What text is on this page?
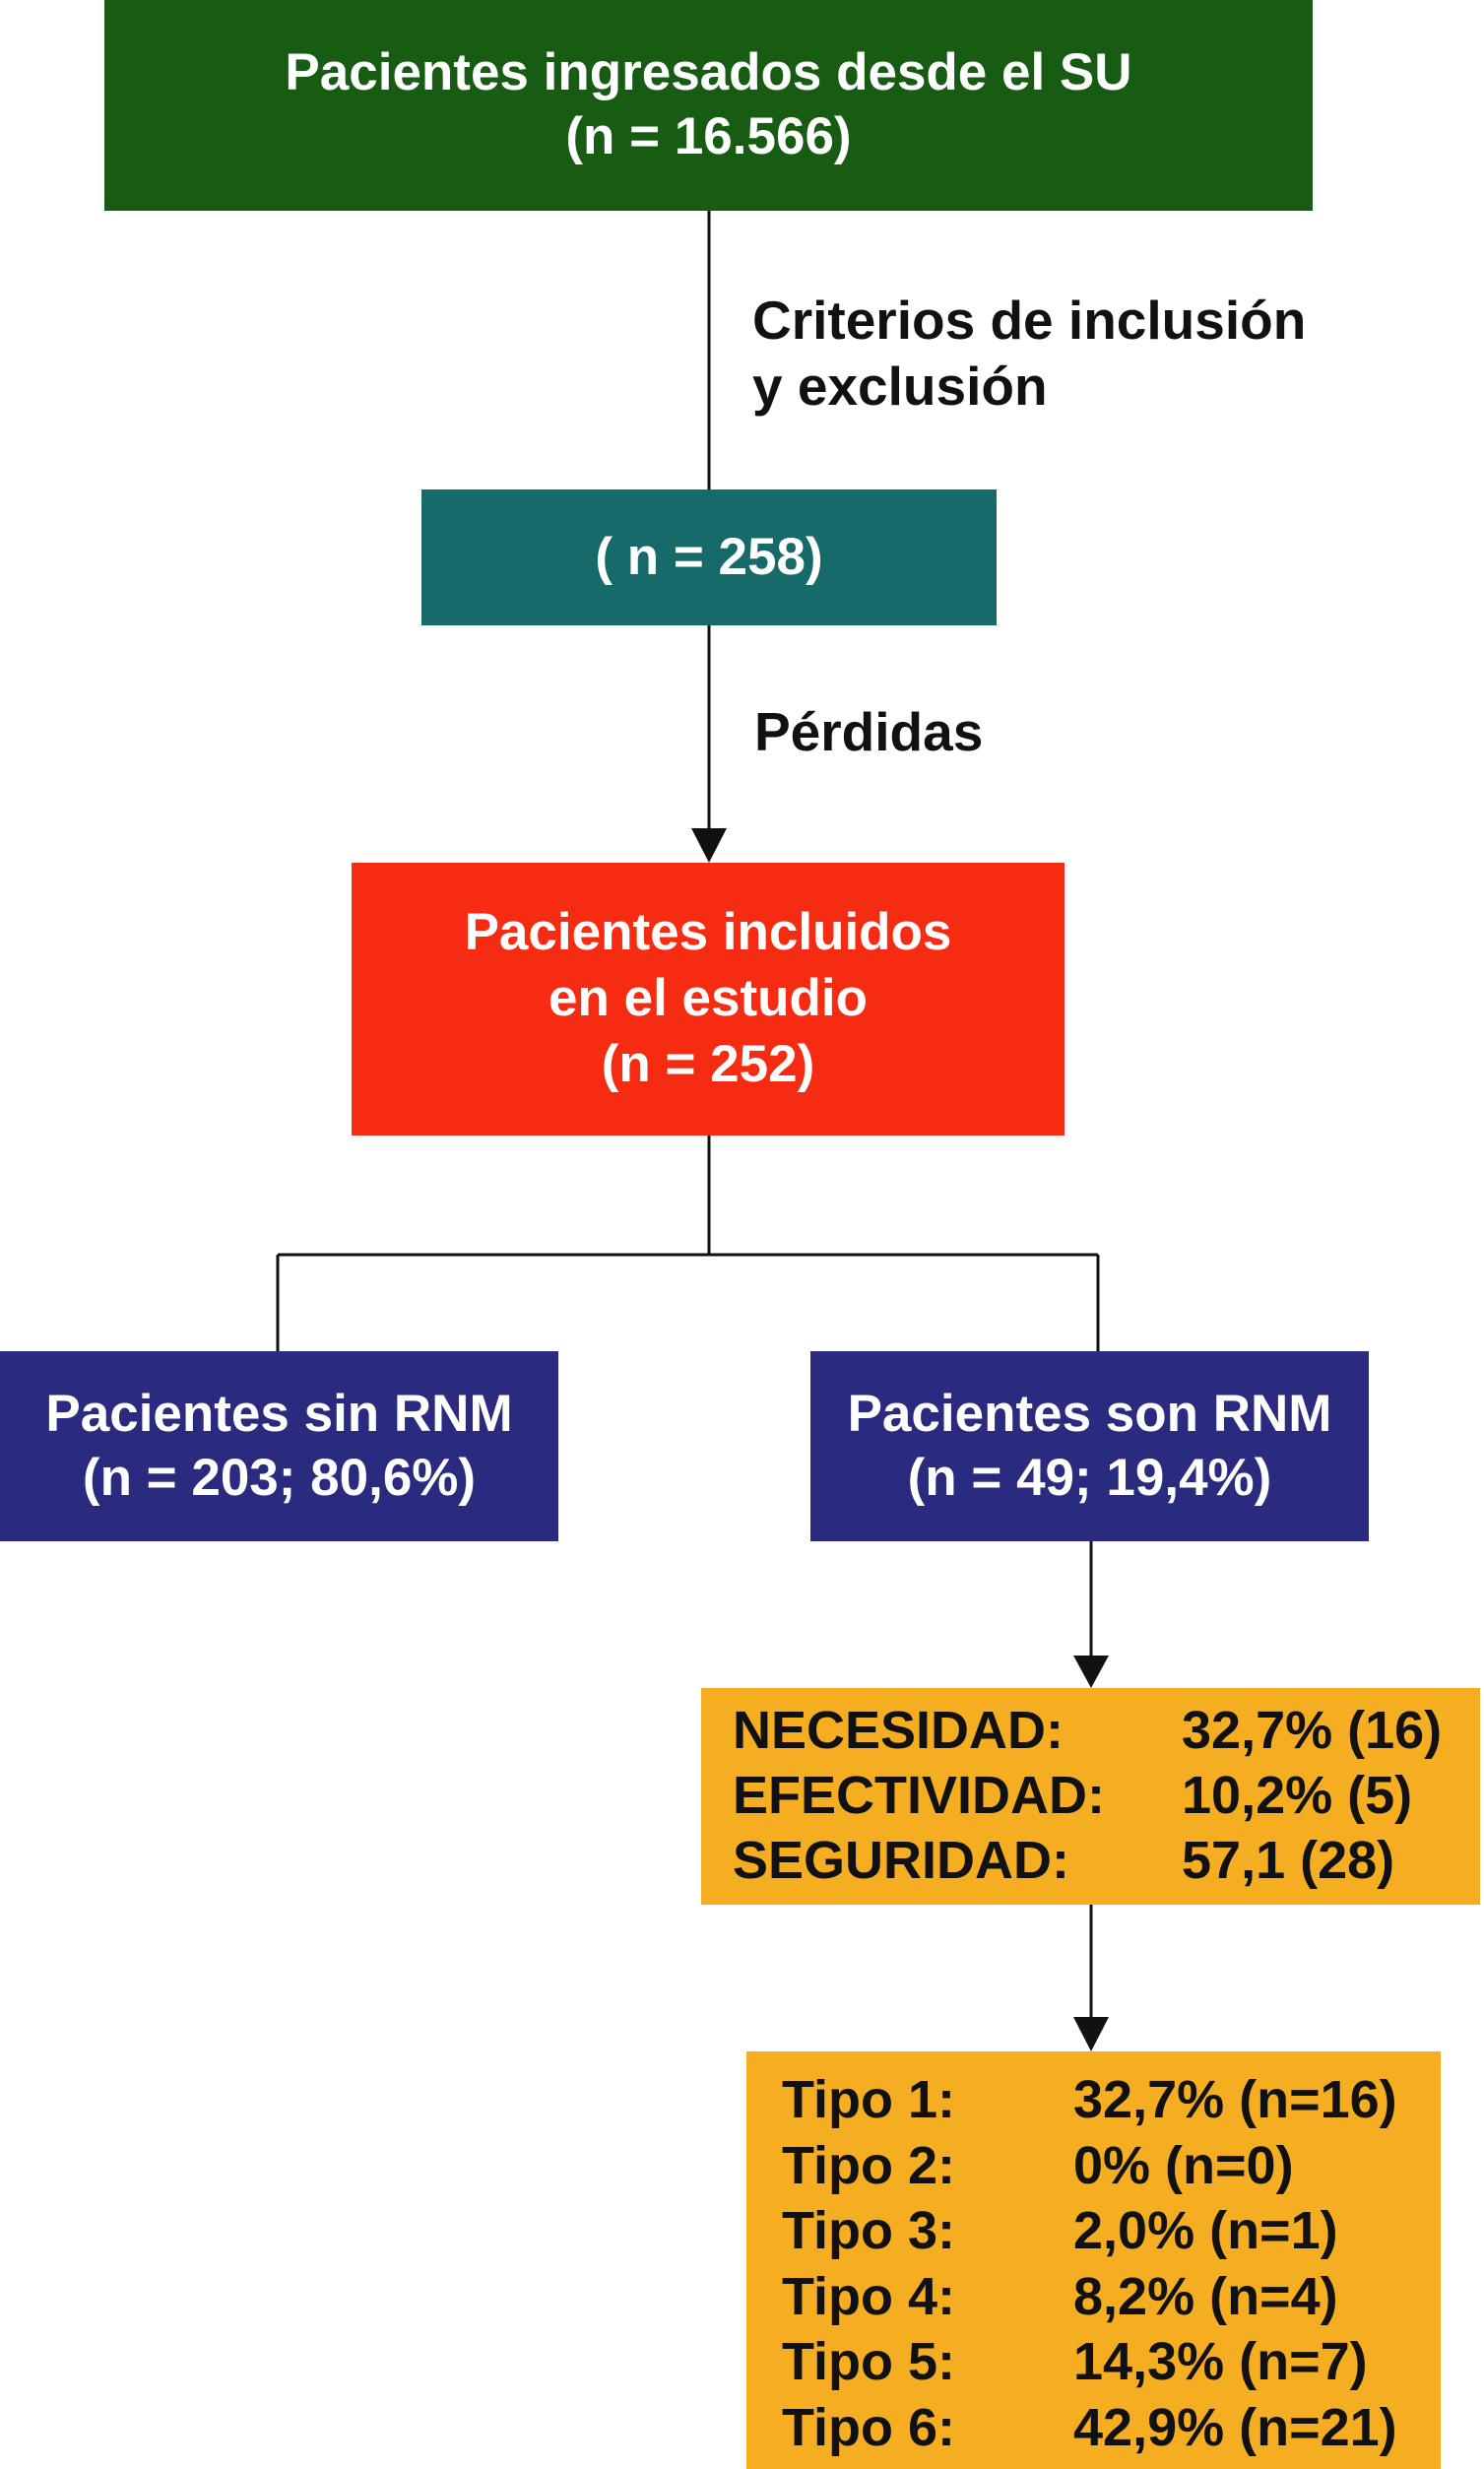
Pacientes ingresados desde el SU
(n = 16.566)
Criterios de inclusión
y exclusión
( n = 258)
Pérdidas
Pacientes incluidos
en el estudio
(n = 252)
Pacientes sin RNM
(n = 203; 80,6%)
Pacientes son RNM
(n = 49; 19,4%)
NECESIDAD:	32,7% (16)
EFECTIVIDAD:	10,2% (5)
SEGURIDAD:	57,1 (28)
Tipo 1:	32,7% (n=16)
Tipo 2:	0% (n=0)
Tipo 3:	2,0% (n=1)
Tipo 4:	8,2% (n=4)
Tipo 5:	14,3% (n=7)
Tipo 6:	42,9% (n=21)
